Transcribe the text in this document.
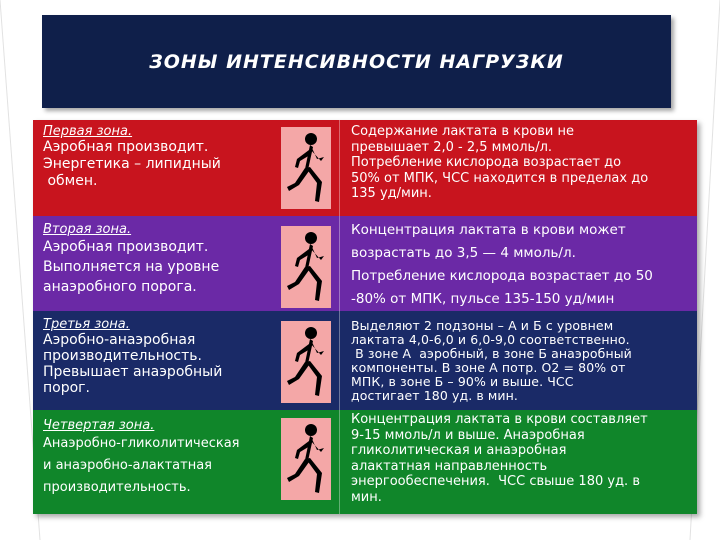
ЗОНЫ ИНТЕНСИВНОСТИ НАГРУЗКИ
Первая зона.
Аэробная производит.
Энергетика – липидный
обмен.
Содержание лактата в крови не
превышает 2,0 - 2,5 ммоль/л.
Потребление кислорода возрастает до
50% от МПК, ЧСС находится в пределах до
135 уд/мин.
Вторая зона.
Аэробная производит.
Выполняется на уровне
анаэробного порога.
Концентрация лактата в крови может
возрастать до 3,5 — 4 ммоль/л.
Потребление кислорода возрастает до 50
-80% от МПК, пульсе 135-150 уд/мин
Третья зона.
Аэробно-анаэробная
производительность.
Превышает анаэробный
порог.
Выделяют 2 подзоны – А и Б с уровнем
лактата 4,0-6,0 и 6,0-9,0 соответственно.
В зоне А  аэробный, в зоне Б анаэробный
компоненты. В зоне А потр. О2 = 80% от
МПК, в зоне Б – 90% и выше. ЧСС
достигает 180 уд. в мин.
Четвертая зона.
Анаэробно-гликолитическая
и анаэробно-алактатная
производительность.
Концентрация лактата в крови составляет
9-15 ммоль/л и выше. Анаэробная
гликолитическая и анаэробная
алактатная направленность
энергообеспечения.  ЧСС свыше 180 уд. в
мин.
